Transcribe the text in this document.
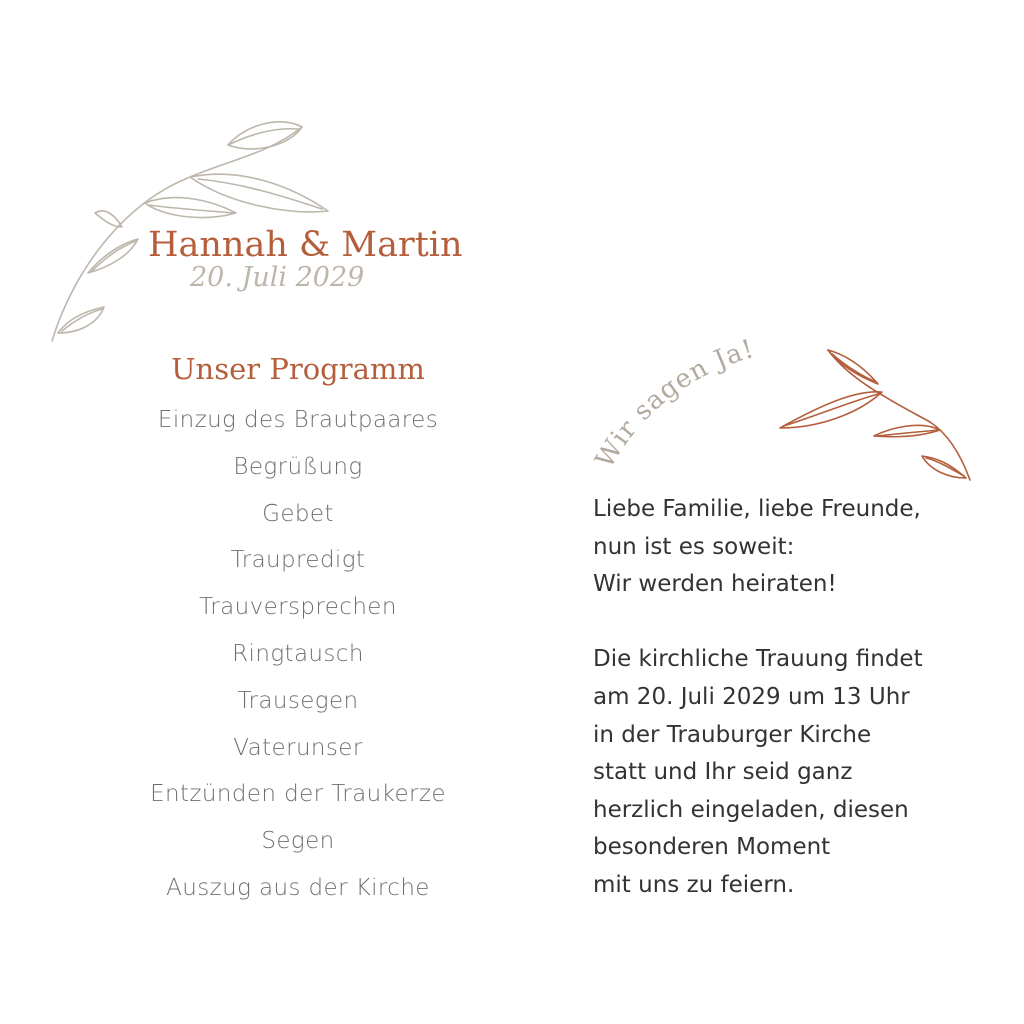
Hannah & Martin
20. Juli 2029
Unser Programm
Einzug des Brautpaares
Begrüßung
Gebet
Traupredigt
Trauversprechen
Ringtausch
Trausegen
Vaterunser
Entzünden der Traukerze
Segen
Auszug aus der Kirche
Wir sagen Ja!

Liebe Familie, liebe Freunde,
nun ist es soweit:
Wir werden heiraten!

Die kirchliche Trauung findet
am 20. Juli 2029 um 13 Uhr
in der Trauburger Kirche
statt und Ihr seid ganz
herzlich eingeladen, diesen
besonderen Moment
mit uns zu feiern.
